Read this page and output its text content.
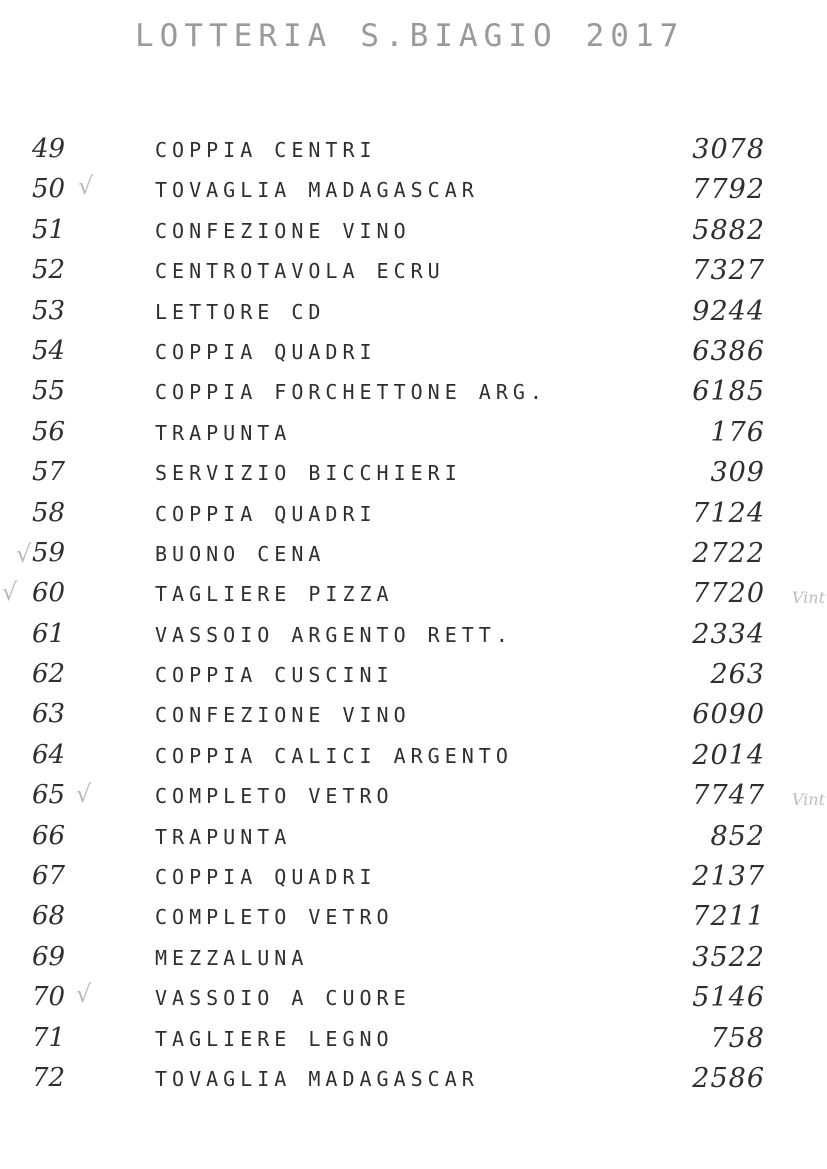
LOTTERIA S.BIAGIO 2017
49	COPPIA CENTRI	3078
50	TOVAGLIA MADAGASCAR	7792
51	CONFEZIONE VINO	5882
52	CENTROTAVOLA ECRU	7327
53	LETTORE CD	9244
54	COPPIA QUADRI	6386
55	COPPIA FORCHETTONE ARG.	6185
56	TRAPUNTA	176
57	SERVIZIO BICCHIERI	309
58	COPPIA QUADRI	7124
59	BUONO CENA	2722
60	TAGLIERE PIZZA	7720
61	VASSOIO ARGENTO RETT.	2334
62	COPPIA CUSCINI	263
63	CONFEZIONE VINO	6090
64	COPPIA CALICI ARGENTO	2014
65	COMPLETO VETRO	7747
66	TRAPUNTA	852
67	COPPIA QUADRI	2137
68	COMPLETO VETRO	7211
69	MEZZALUNA	3522
70	VASSOIO A CUORE	5146
71	TAGLIERE LEGNO	758
72	TOVAGLIA MADAGASCAR	2586
√
√
√
√
√
Vint
Vint
